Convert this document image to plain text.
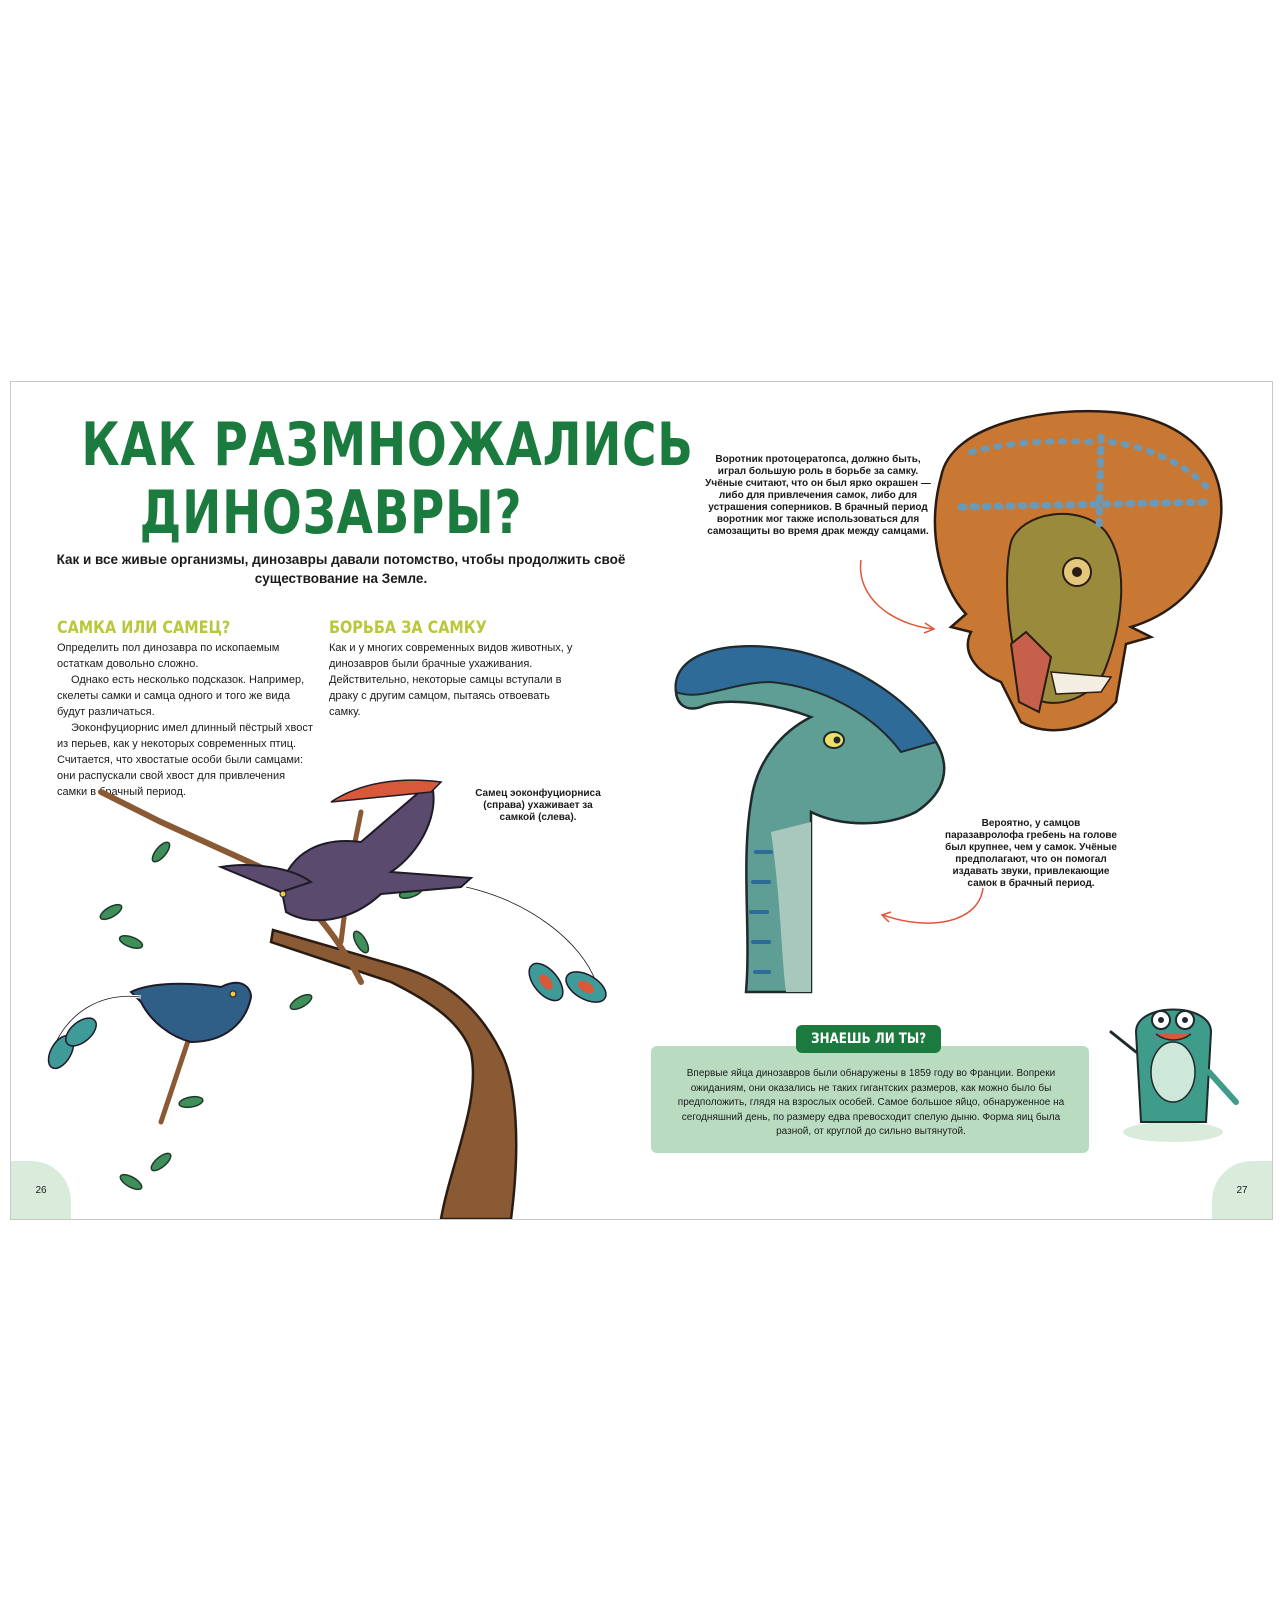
КАК РАЗМНОЖАЛИСЬ
ДИНОЗАВРЫ?
Как и все живые организмы, динозавры давали потомство, чтобы продолжить своё существование на Земле.
САМКА ИЛИ САМЕЦ?

Определить пол динозавра по ископаемым остаткам довольно сложно.

Однако есть несколько подсказок. Например, скелеты самки и самца одного и того же вида будут различаться.

Эоконфуциорнис имел длинный пёстрый хвост из перьев, как у некоторых современных птиц. Считается, что хвостатые особи были самцами: они распускали свой хвост для привлечения самки в брачный период.

БОРЬБА ЗА САМКУ

Как и у многих современных видов животных, у динозавров были брачные ухаживания. Действительно, некоторые самцы вступали в драку с другим самцом, пытаясь отвоевать самку.

Самец эоконфуциорниса (справа) ухаживает за самкой (слева).
Воротник протоцератопса, должно быть, играл большую роль в борьбе за самку. Учёные считают, что он был ярко окрашен — либо для привлечения самок, либо для устрашения соперников. В брачный период воротник мог также использоваться для самозащиты во время драк между самцами.
Вероятно, у самцов паразавролофа гребень на голове был крупнее, чем у самок. Учёные предполагают, что он помогал издавать звуки, привлекающие самок в брачный период.
ЗНАЕШЬ ЛИ ТЫ?
Впервые яйца динозавров были обнаружены в 1859 году во Франции. Вопреки ожиданиям, они оказались не таких гигантских размеров, как можно было бы предположить, глядя на взрослых особей. Самое большое яйцо, обнаруженное на сегодняшний день, по размеру едва превосходит спелую дыню. Форма яиц была разной, от круглой до сильно вытянутой.
26	27
